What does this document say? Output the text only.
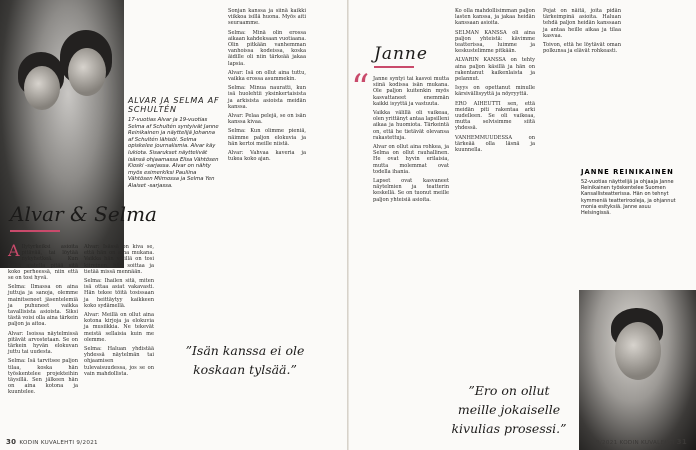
ALVAR JA SELMA AF SCHULTÉN
17-vuotias Alvar ja 19-vuotias Selma af Schultén syntyivät Janne Reinikainen ja näyttelijä Johanna af Schultén lähisöi. Selma opiskelee journalismia. Alvar käy lukiota. Sisarukset näyttelivät isänsä ohjaamassa Elisa Vähtösen Kioski -sarjassa. Alvar on nähty myös esimerkiksi Pauliina Vähtösen Miimossa ja Selma Yen Alaiset -sarjassa.
Alvar & Selma

A Ilytyrkeiksi asioita pitävää, tai löytää nykyhetkeä. Kun pitää ajatella pitää sitä koko perheessä, niin että se on tosi hyvä.

Selma: Ilmassa on aina juttuja ja sanoja, olemme mainitseneet jäsentelemiä ja puhuneet vaikka tavallisista asioista. Siksi tästä voisi olla aina tärkein paljon ja aitoa.

Alvar: Isoissa näytelmissä pitävät arvostetaan. Se on tärkein hyvän elokuvan juttu tai uudesta.

Selma: Isä tarvitsee paljon tilaa, koska hän työskentelee projekteihin täysillä. Sen jälkeen hän on aina kotona ja kuuntelee.

Alvar: Isässä on kiva se, että hän on aina mukana. Vaikka hän välillä on tosi kiireinen, hän soittaa ja tietää missä mennään.

Selma: Ihailen sitä, miten isä ottaa asiat vakavasti. Hän tekee töitä tosissaan ja heittäytyy kaikkeen koko sydämellä.

Alvar: Meillä on ollut aina kotona kirjoja ja elokuvia ja musiikkia. Ne tekevät meistä sellaisia kuin me olemme.

Selma: Haluan yhdistää yhdessä näytelmän tai ohjaamisen tulevaisuudessa, jos se on vain mahdollista.

Sonjan kanssa ja siinä kaikki viikkoa isillä huona. Myös aiti seuraamme.

Selma: Minä olin erossa aikaan kahdeksaan vuotiaana. Olin pitkään vanhemman vanhoissa kodeissa, koska äidille oli niin tärkeää jakaa lapsia.

Alvar: Isä on ollut aina tuttu, vaikka erossa asummekin.

Selma: Minua nauratti, kun isä huolehtii yksinkertaisista ja arkisista asioista meidän kanssa.

Alvar: Pelaa pelejä, se on isän kanssa kivaa.

Selma: Kun olimme pieniä, näimme paljon elokuvia ja hän kertoi meille niistä.

Alvar: Vahvaa kaveria ja tukea koko ajan.

”Isän kanssa ei ole koskaan tylsää.”
30 KODIN KUVALEHTI 9/2021
Janne
“ Janne syntyi tai kasvoi mutta siinä kodissa isän mukana. Ole paljon kuitenkin myös kasvattaneet enemmän kaikki isyyttä ja vastuuta.

Vaikka välillä oli vaikeaa, olen yrittänyt antaa lapsilleni aikaa ja huomiota. Tärkeintä on, että he tietävät olevansa rakastettuja.

Alvar on ollut aina rohkea, ja Selma on ollut rauhallinen. He ovat hyvin erilaisia, mutta molemmat ovat todella ihania.

Lapset ovat kasvaneet näytelmien ja teatterin keskellä. Se on tuonut meille paljon yhteisiä asioita.

Ko olla mahdollisimman paljon lasten kanssa, ja jakaa heidän kanssaan asioita.

SELMAN KANSSA oli aina paljon yhteistä: kävimme teatterissa, luimme ja keskustelimme pitkään.

ALVARIN KANSSA on tehty aina paljon käsillä ja hän on rakentanut kaikenlaista ja pelannut.

Isyys on opettanut minulle kärsivällisyyttä ja nöyryyttä.

ERO AIHEUTTI sen, että meidän piti rakentaa arki uudelleen. Se oli vaikeaa, mutta selvisimme siitä yhdessä.

VANHEMMUUDESSA on tärkeää olla läsnä ja kuunnella.

Pojat on näitä, joita pidän tärkeimpinä asioita. Haluan tehdä paljon heidän kanssaan ja antaa heille aikaa ja tilaa kasvaa.

Toivon, että he löytävät oman polkunsa ja elävät rohkeasti.

JANNE REINIKAINEN
52-vuotias näyttelijä ja ohjaaja Janne Reinikainen työskentelee Suomen Kansallisteatterissa. Hän on tehnyt kymmeniä teatterirooleja, ja ohjannut monia esityksiä. Janne asuu Helsingissä.
”Ero on ollut meille jokaiselle kivulias prosessi.”
9/2021 KODIN KUVALEHTI 31
